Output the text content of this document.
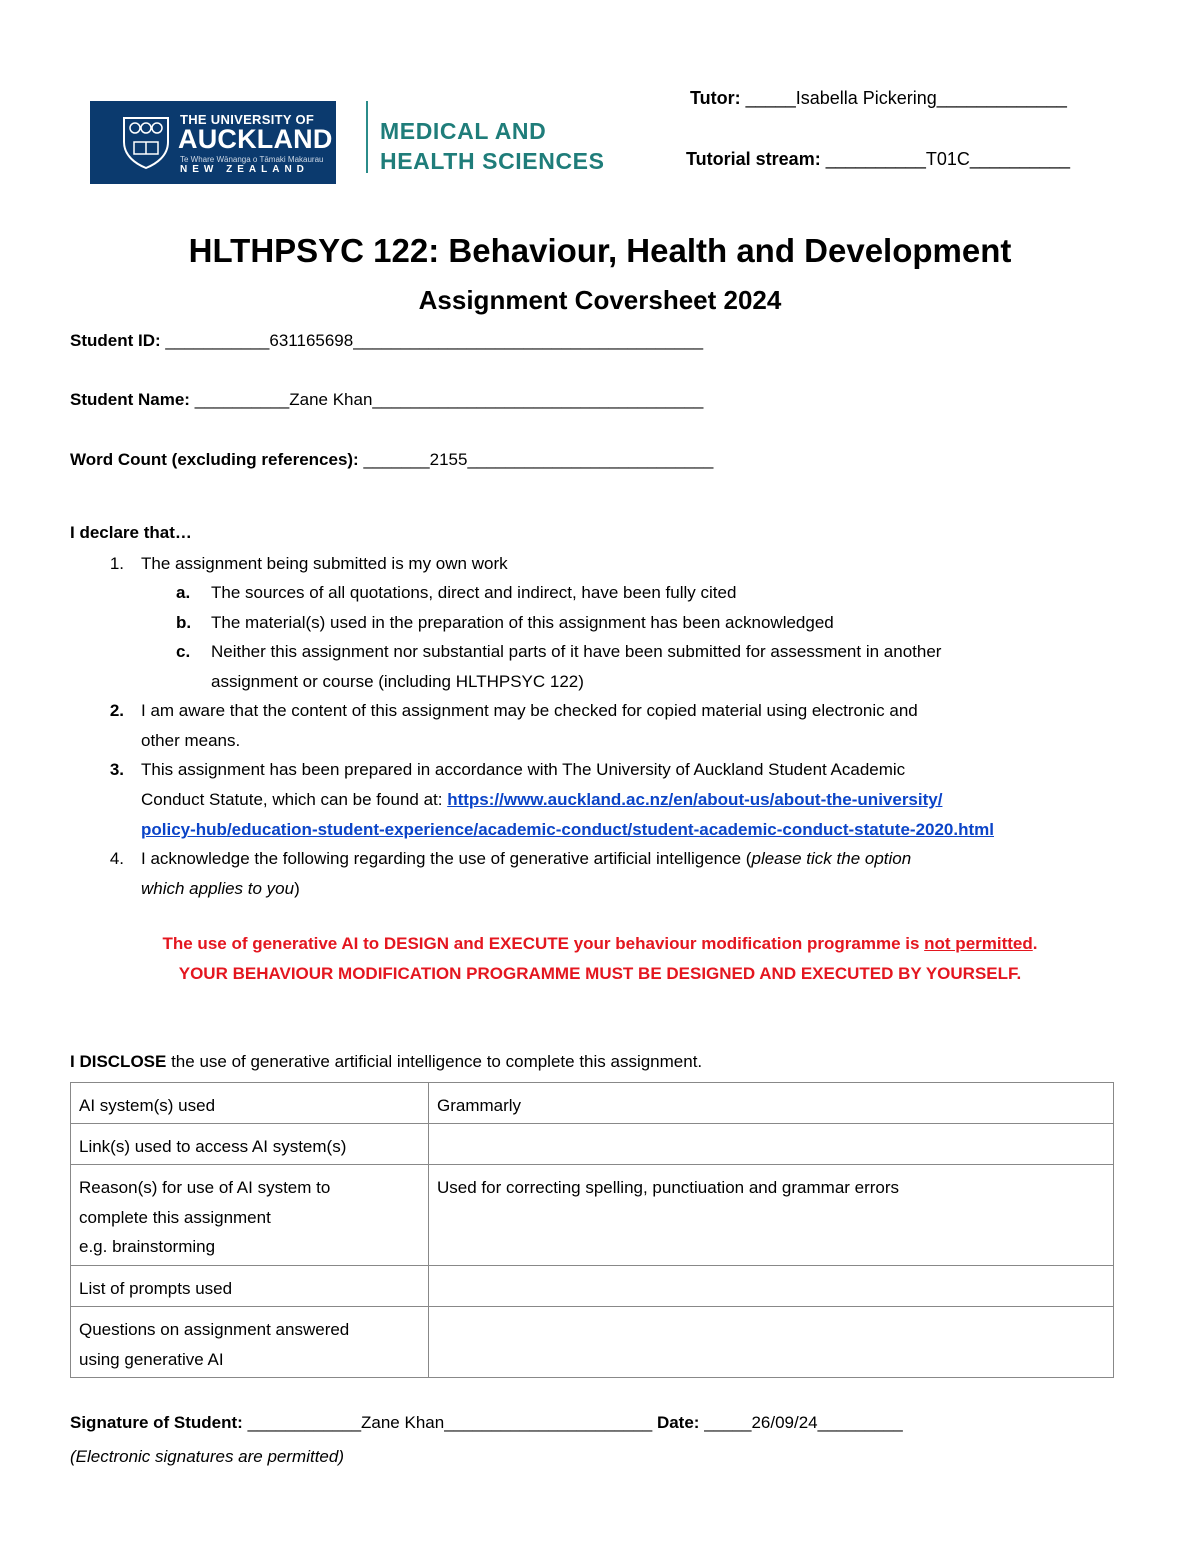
THE UNIVERSITY OF
AUCKLAND
Te Whare Wānanga o Tāmaki Makaurau
NEW ZEALAND
MEDICAL AND
HEALTH SCIENCES
Tutor: _____Isabella Pickering_____________
Tutorial stream: __________T01C__________
HLTHPSYC 122: Behaviour, Health and Development
Assignment Coversheet 2024
Student ID: ___________631165698_____________________________________
Student Name: __________Zane Khan___________________________________
Word Count (excluding references): _______2155__________________________
I declare that…
1. The assignment being submitted is my own work
a.	The sources of all quotations, direct and indirect, have been fully cited
b. The material(s) used in the preparation of this assignment has been acknowledged
c.	Neither this assignment nor substantial parts of it have been submitted for assessment in another
assignment or course (including HLTHPSYC 122)
2. I am aware that the content of this assignment may be checked for copied material using electronic and
other means.
3. This assignment has been prepared in accordance with The University of Auckland Student Academic
Conduct Statute, which can be found at: https://www.auckland.ac.nz/en/about-us/about-the-university/
policy-hub/education-student-experience/academic-conduct/student-academic-conduct-statute-2020.html
4. I acknowledge the following regarding the use of generative artificial intelligence (please tick the option
which applies to you)
The use of generative AI to DESIGN and EXECUTE your behaviour modification programme is not permitted.
YOUR BEHAVIOUR MODIFICATION PROGRAMME MUST BE DESIGNED AND EXECUTED BY YOURSELF.
I DISCLOSE the use of generative artificial intelligence to complete this assignment.
AI system(s) used	Grammarly
Link(s) used to access AI system(s)	

Reason(s) for use of AI system to
complete this assignment
e.g. brainstorming	Used for correcting spelling, punctiuation and grammar errors
List of prompts used	

Questions on assignment answered
using generative AI	

Signature of Student: ____________Zane Khan______________________ Date: _____26/09/24_________
(Electronic signatures are permitted)
